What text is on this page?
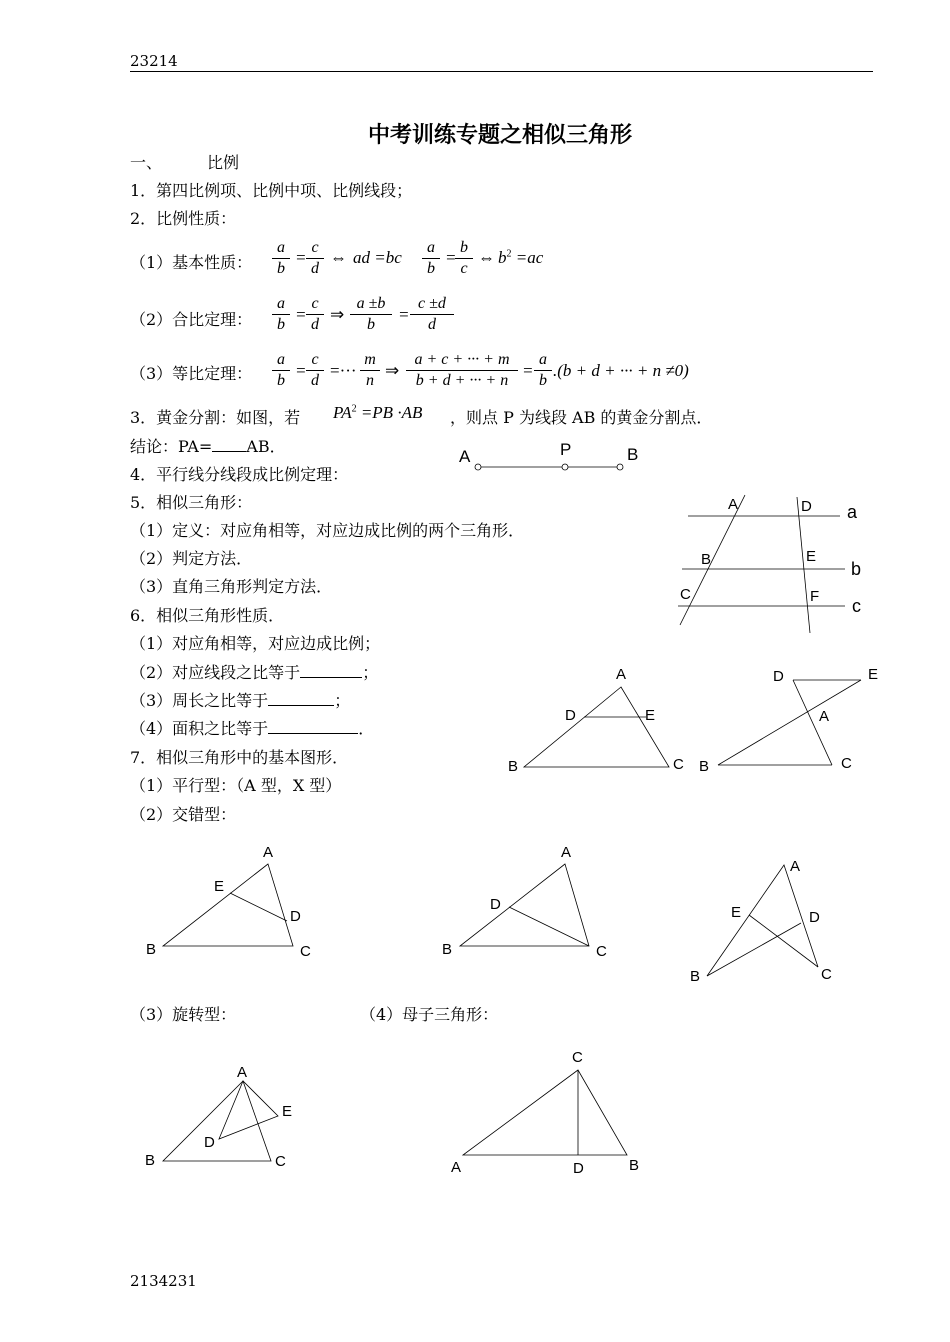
23214
中考训练专题之相似三角形
一、	比例
1．第四比例项、比例中项、比例线段；
2．比例性质：
（1）基本性质：
a
b
=
c
d
⇔ ad =bc
a
b
=
b
c
⇔ $b^2 =ac$
（2）合比定理：
a
b
=
c
d
⇒
a ±b
b
=
c ±d
d
（3）等比定理：
a
b
=
c
d
=···
m
n
⇒
a + c + ··· + m
b + d + ··· + n
=
a
b
.(b + d + ··· + n ≠0)
3．黄金分割：如图，若 $PA^2 =PB \cdot AB$ ，则点 P 为线段 AB 的黄金分割点．
结论：PA= AB．
4．平行线分线段成比例定理：
5．相似三角形：
（1）定义：对应角相等，对应边成比例的两个三角形．
（2）判定方法．
（3）直角三角形判定方法．
6．相似三角形性质．
（1）对应角相等，对应边成比例；
（2）对应线段之比等于	；
（3）周长之比等于	；
（4）面积之比等于	．
7．相似三角形中的基本图形．
（1）平行型：（A 型，X 型）
（2）交错型：
（3）旋转型：	（4）母子三角形：
A	P	B
A	D a
B	E
b
C	F c
A
D	E
B	C
D	E
A
B	C
A
E
D
B	C
A
D
B	C
A
E	D
B	C
A
E
D
B	C
C
A	D	B
2134231
